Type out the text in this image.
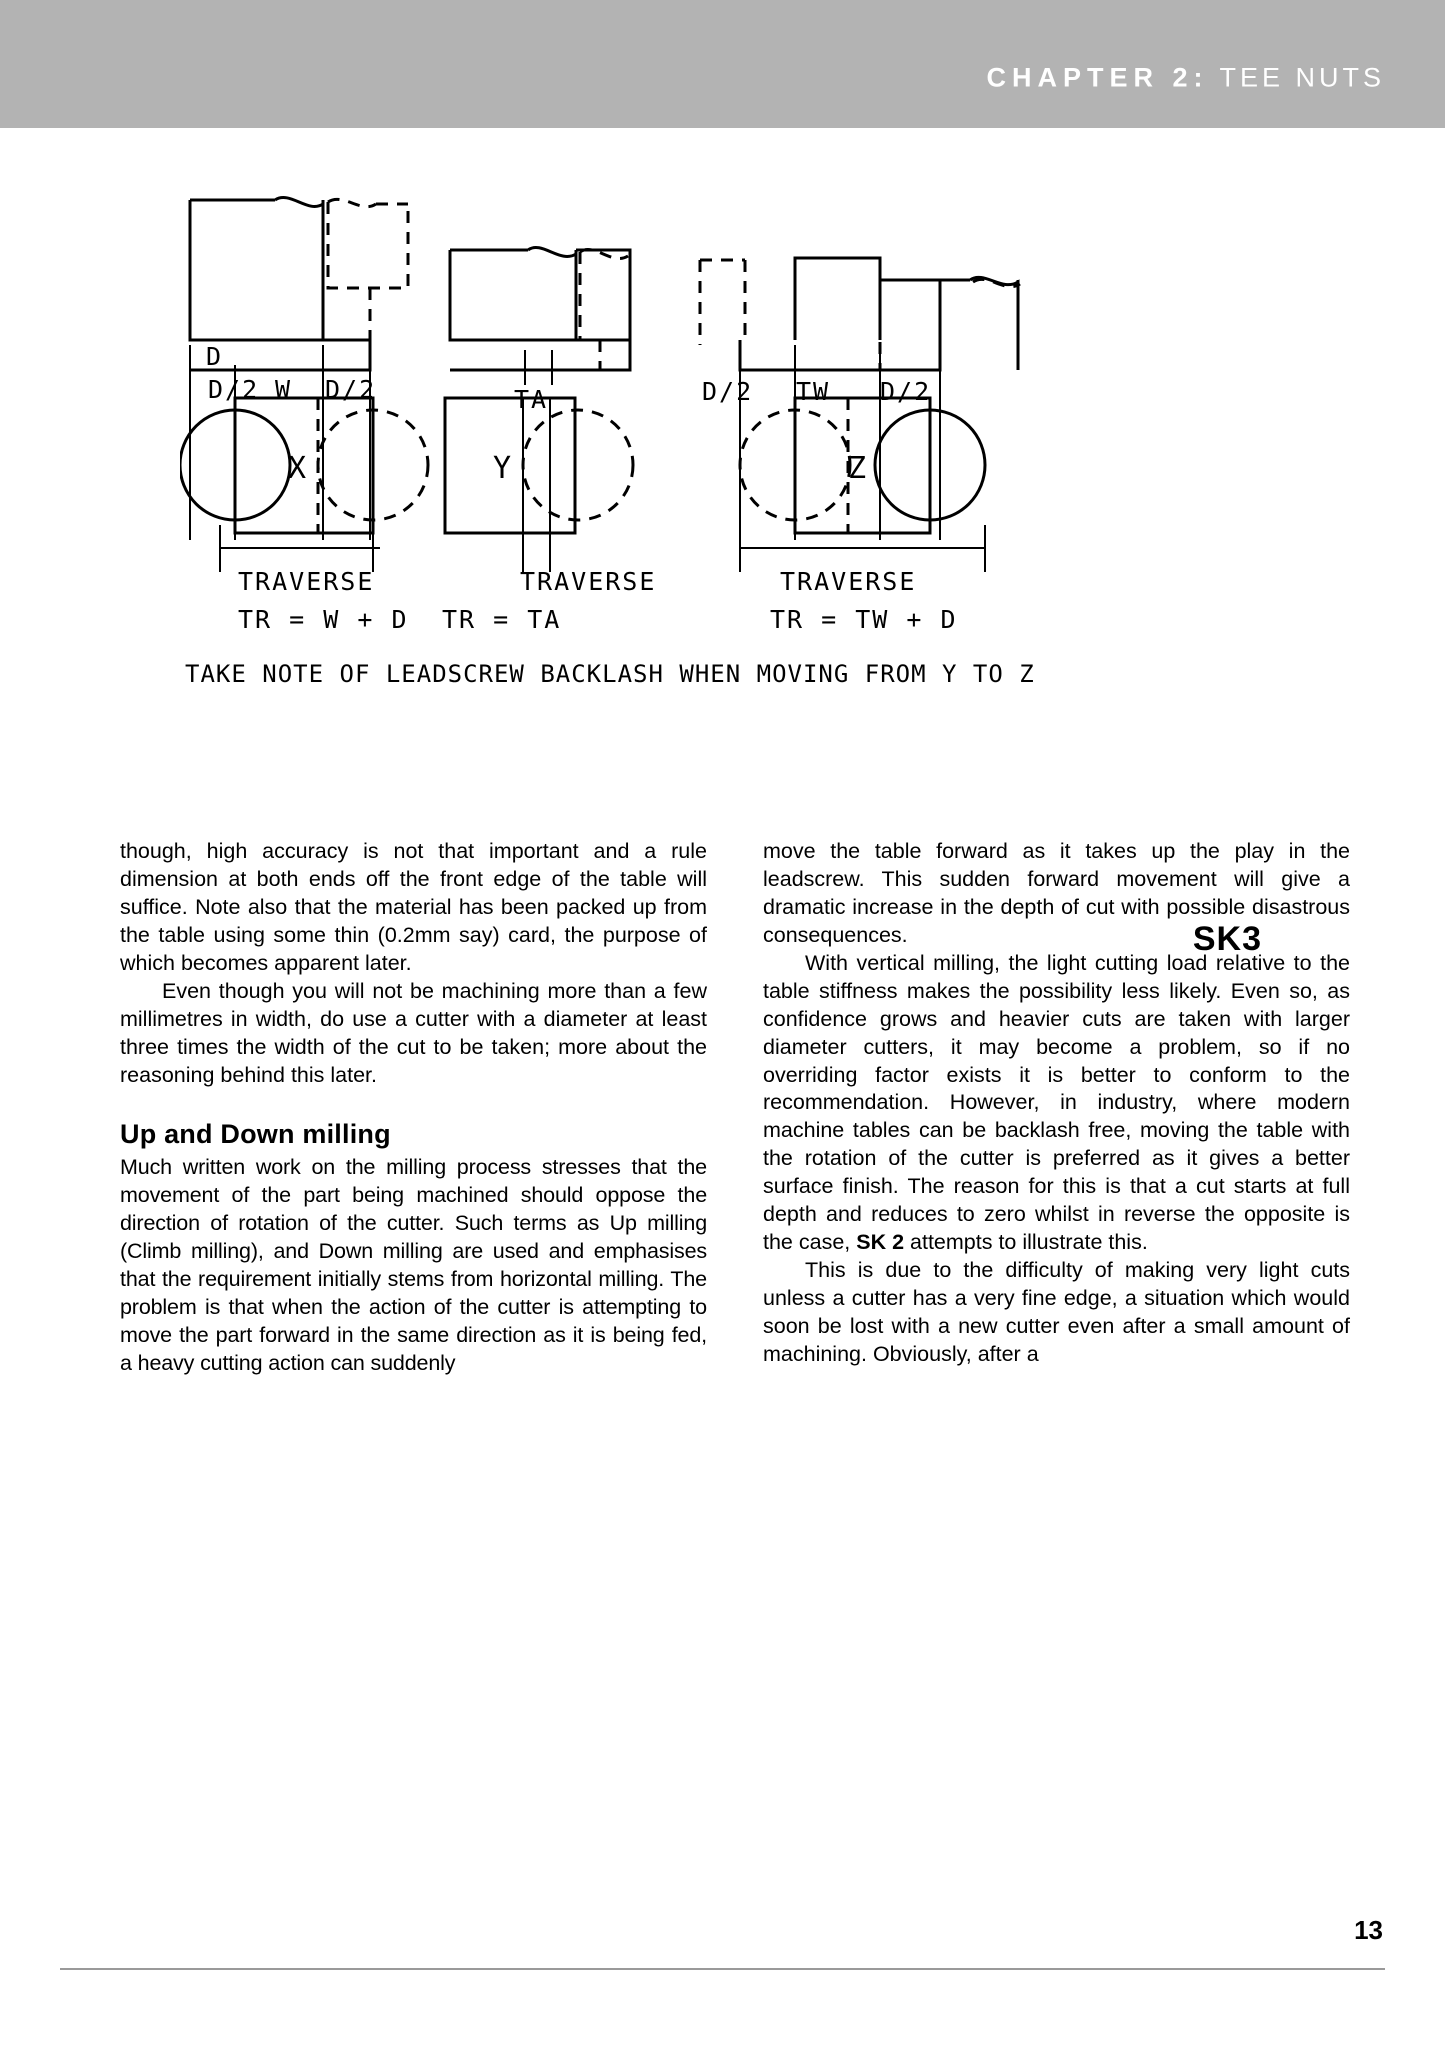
CHAPTER 2: TEE NUTS
D
D/2 W D/2
X
TRAVERSE
TR = W + D
TA
Y
TRAVERSE
TR = TA
D/2 TW D/2
Z
TRAVERSE
TR = TW + D
TAKE NOTE OF LEADSCREW BACKLASH WHEN MOVING FROM Y TO Z
SK3

though, high accuracy is not that important and a rule dimension at both ends off the front edge of the table will suffice. Note also that the material has been packed up from the table using some thin (0.2mm say) card, the purpose of which becomes apparent later.

Even though you will not be machining more than a few millimetres in width, do use a cutter with a diameter at least three times the width of the cut to be taken; more about the reasoning behind this later.

Up and Down milling

Much written work on the milling process stresses that the movement of the part being machined should oppose the direction of rotation of the cutter. Such terms as Up milling (Climb milling), and Down milling are used and emphasises that the requirement initially stems from horizontal milling. The problem is that when the action of the cutter is attempting to move the part forward in the same direction as it is being fed, a heavy cutting action can suddenly

move the table forward as it takes up the play in the leadscrew. This sudden forward movement will give a dramatic increase in the depth of cut with possible disastrous consequences.

With vertical milling, the light cutting load relative to the table stiffness makes the possibility less likely. Even so, as confidence grows and heavier cuts are taken with larger diameter cutters, it may become a problem, so if no overriding factor exists it is better to conform to the recommendation. However, in industry, where modern machine tables can be backlash free, moving the table with the rotation of the cutter is preferred as it gives a better surface finish. The reason for this is that a cut starts at full depth and reduces to zero whilst in reverse the opposite is the case, SK 2 attempts to illustrate this.

This is due to the difficulty of making very light cuts unless a cutter has a very fine edge, a situation which would soon be lost with a new cutter even after a small amount of machining. Obviously, after a

13
